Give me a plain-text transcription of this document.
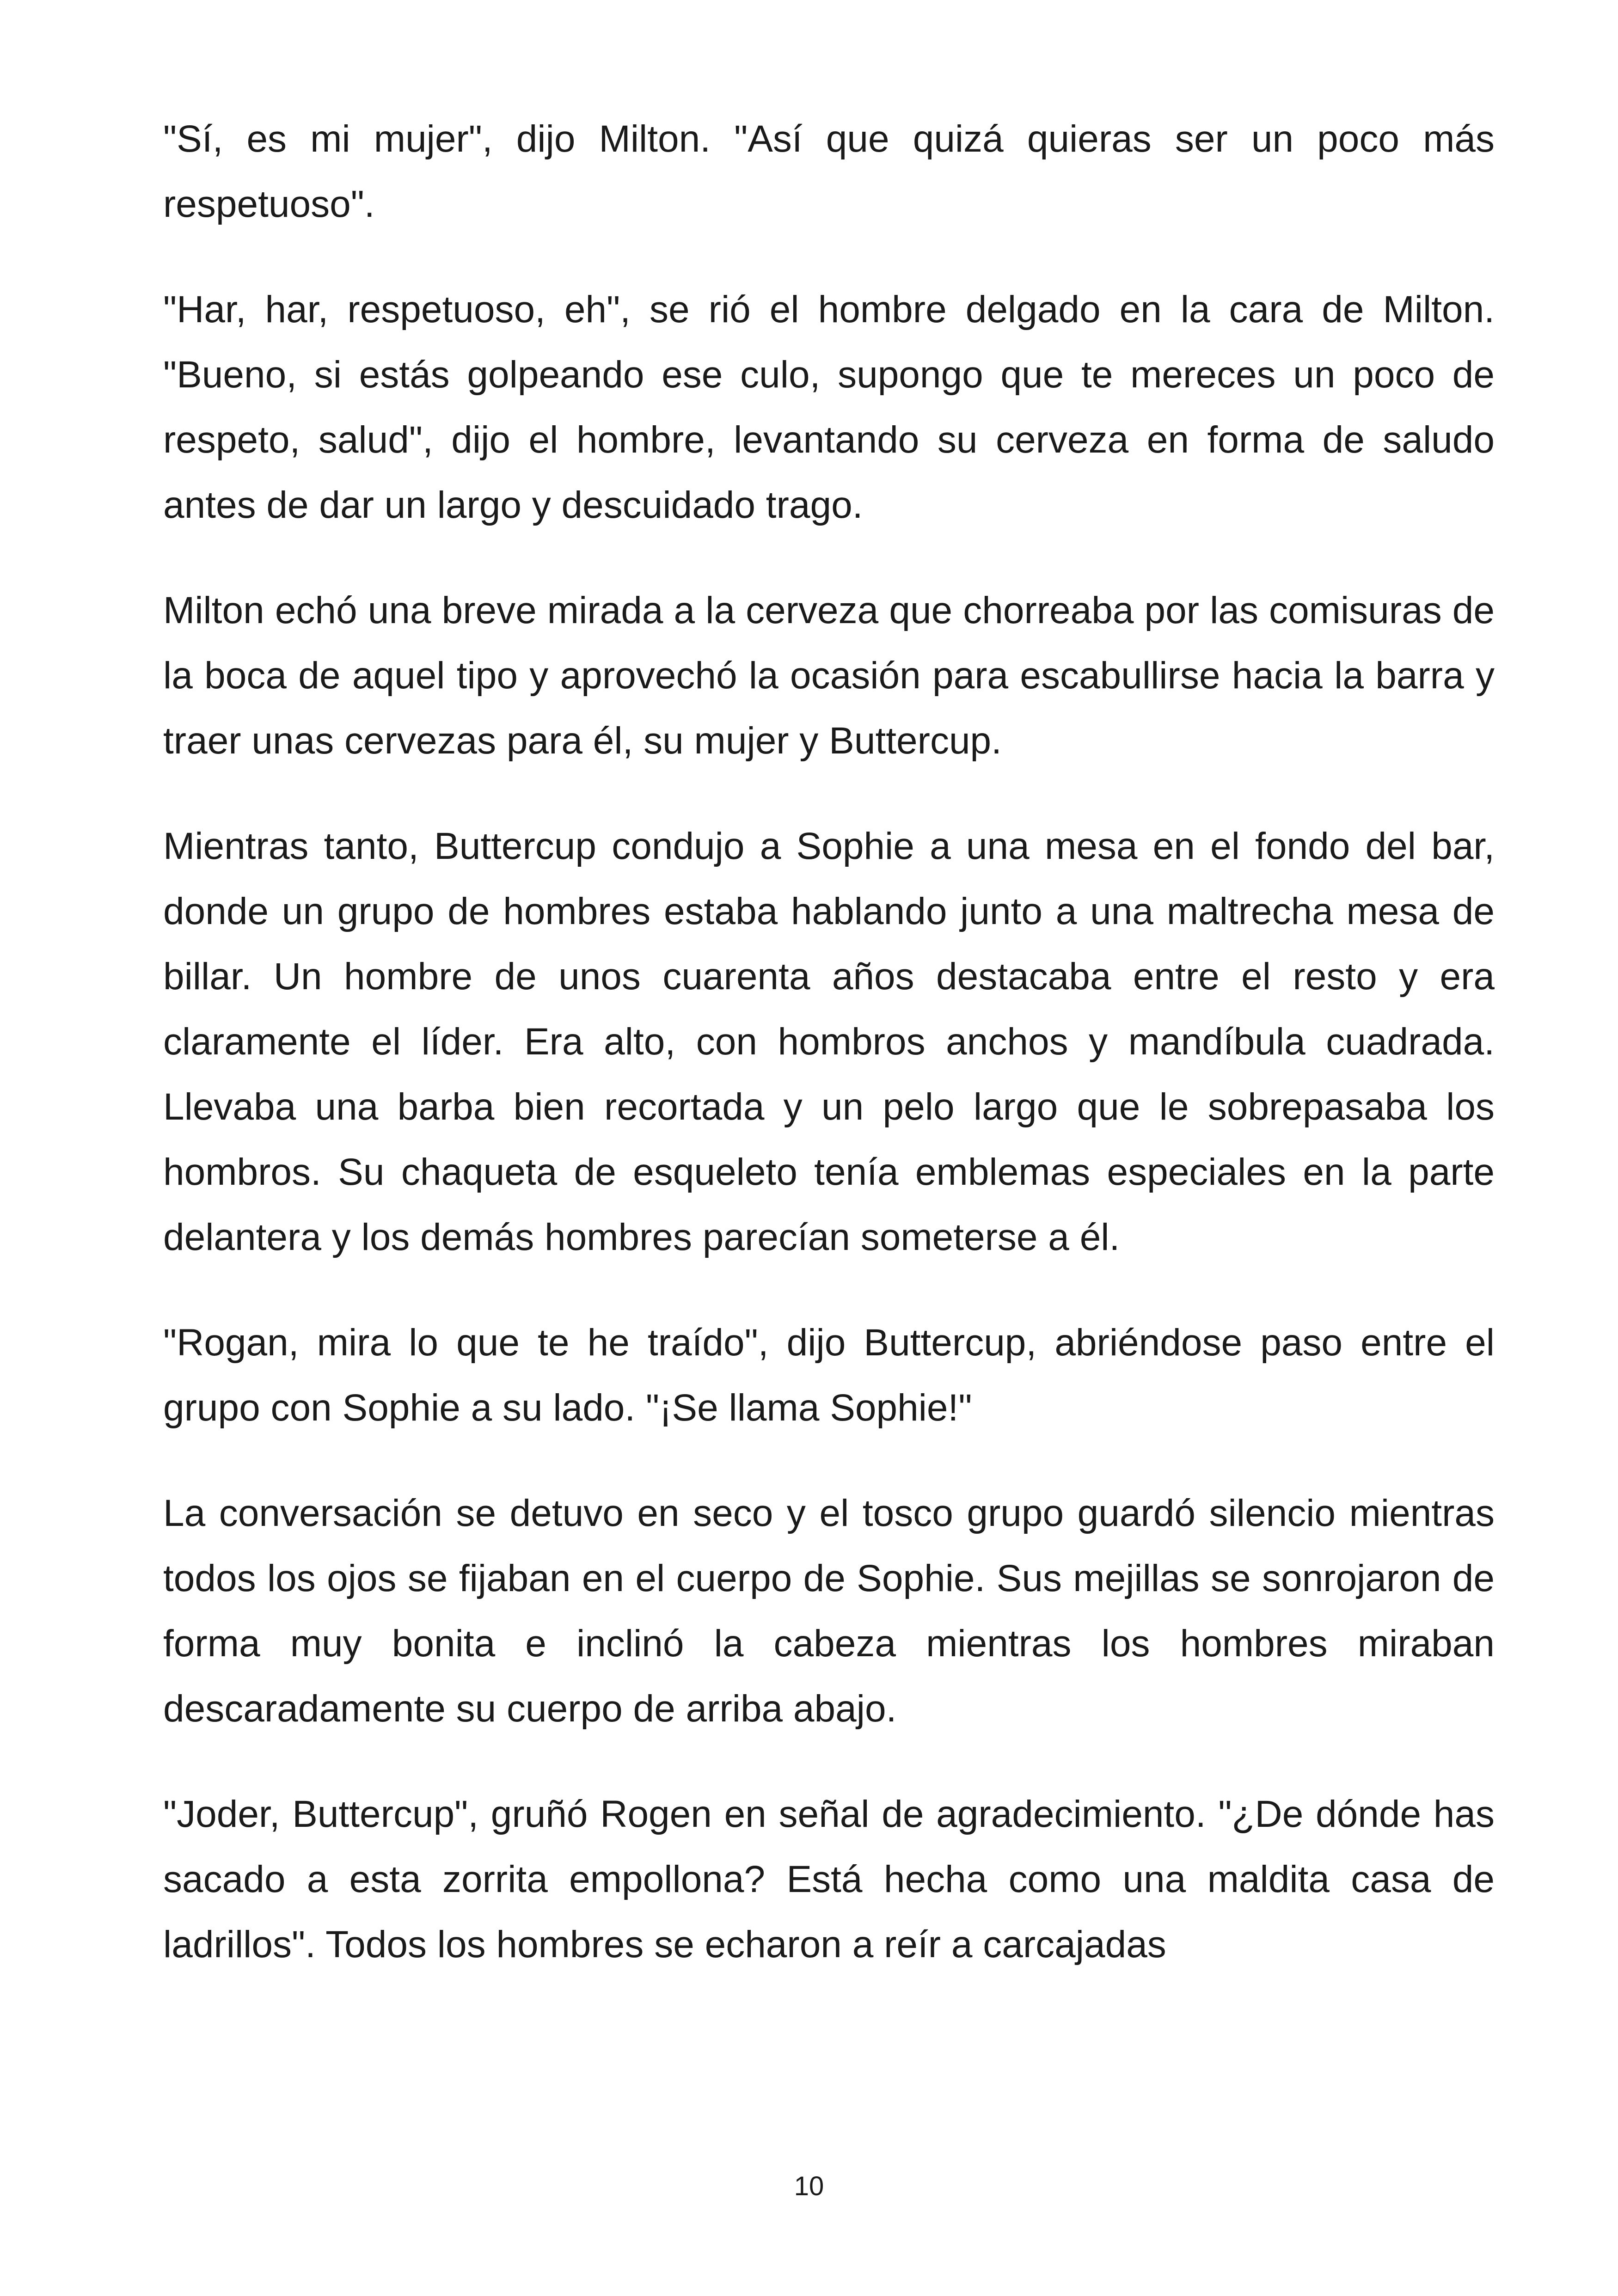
"Sí, es mi mujer", dijo Milton. "Así que quizá quieras ser un poco más respetuoso".

"Har, har, respetuoso, eh", se rió el hombre delgado en la cara de Milton. "Bueno, si estás golpeando ese culo, supongo que te mereces un poco de respeto, salud", dijo el hombre, levantando su cerveza en forma de saludo antes de dar un largo y descuidado trago.

Milton echó una breve mirada a la cerveza que chorreaba por las comisuras de la boca de aquel tipo y aprovechó la ocasión para escabullirse hacia la barra y traer unas cervezas para él, su mujer y Buttercup.

Mientras tanto, Buttercup condujo a Sophie a una mesa en el fondo del bar, donde un grupo de hombres estaba hablando junto a una maltrecha mesa de billar. Un hombre de unos cuarenta años destacaba entre el resto y era claramente el líder. Era alto, con hombros anchos y mandíbula cuadrada. Llevaba una barba bien recortada y un pelo largo que le sobrepasaba los hombros. Su chaqueta de esqueleto tenía emblemas especiales en la parte delantera y los demás hombres parecían someterse a él.

"Rogan, mira lo que te he traído", dijo Buttercup, abriéndose paso entre el grupo con Sophie a su lado. "¡Se llama Sophie!"

La conversación se detuvo en seco y el tosco grupo guardó silencio mientras todos los ojos se fijaban en el cuerpo de Sophie. Sus mejillas se sonrojaron de forma muy bonita e inclinó la cabeza mientras los hombres miraban descaradamente su cuerpo de arriba abajo.

"Joder, Buttercup", gruñó Rogen en señal de agradecimiento. "¿De dónde has sacado a esta zorrita empollona? Está hecha como una maldita casa de ladrillos". Todos los hombres se echaron a reír a carcajadas

10
